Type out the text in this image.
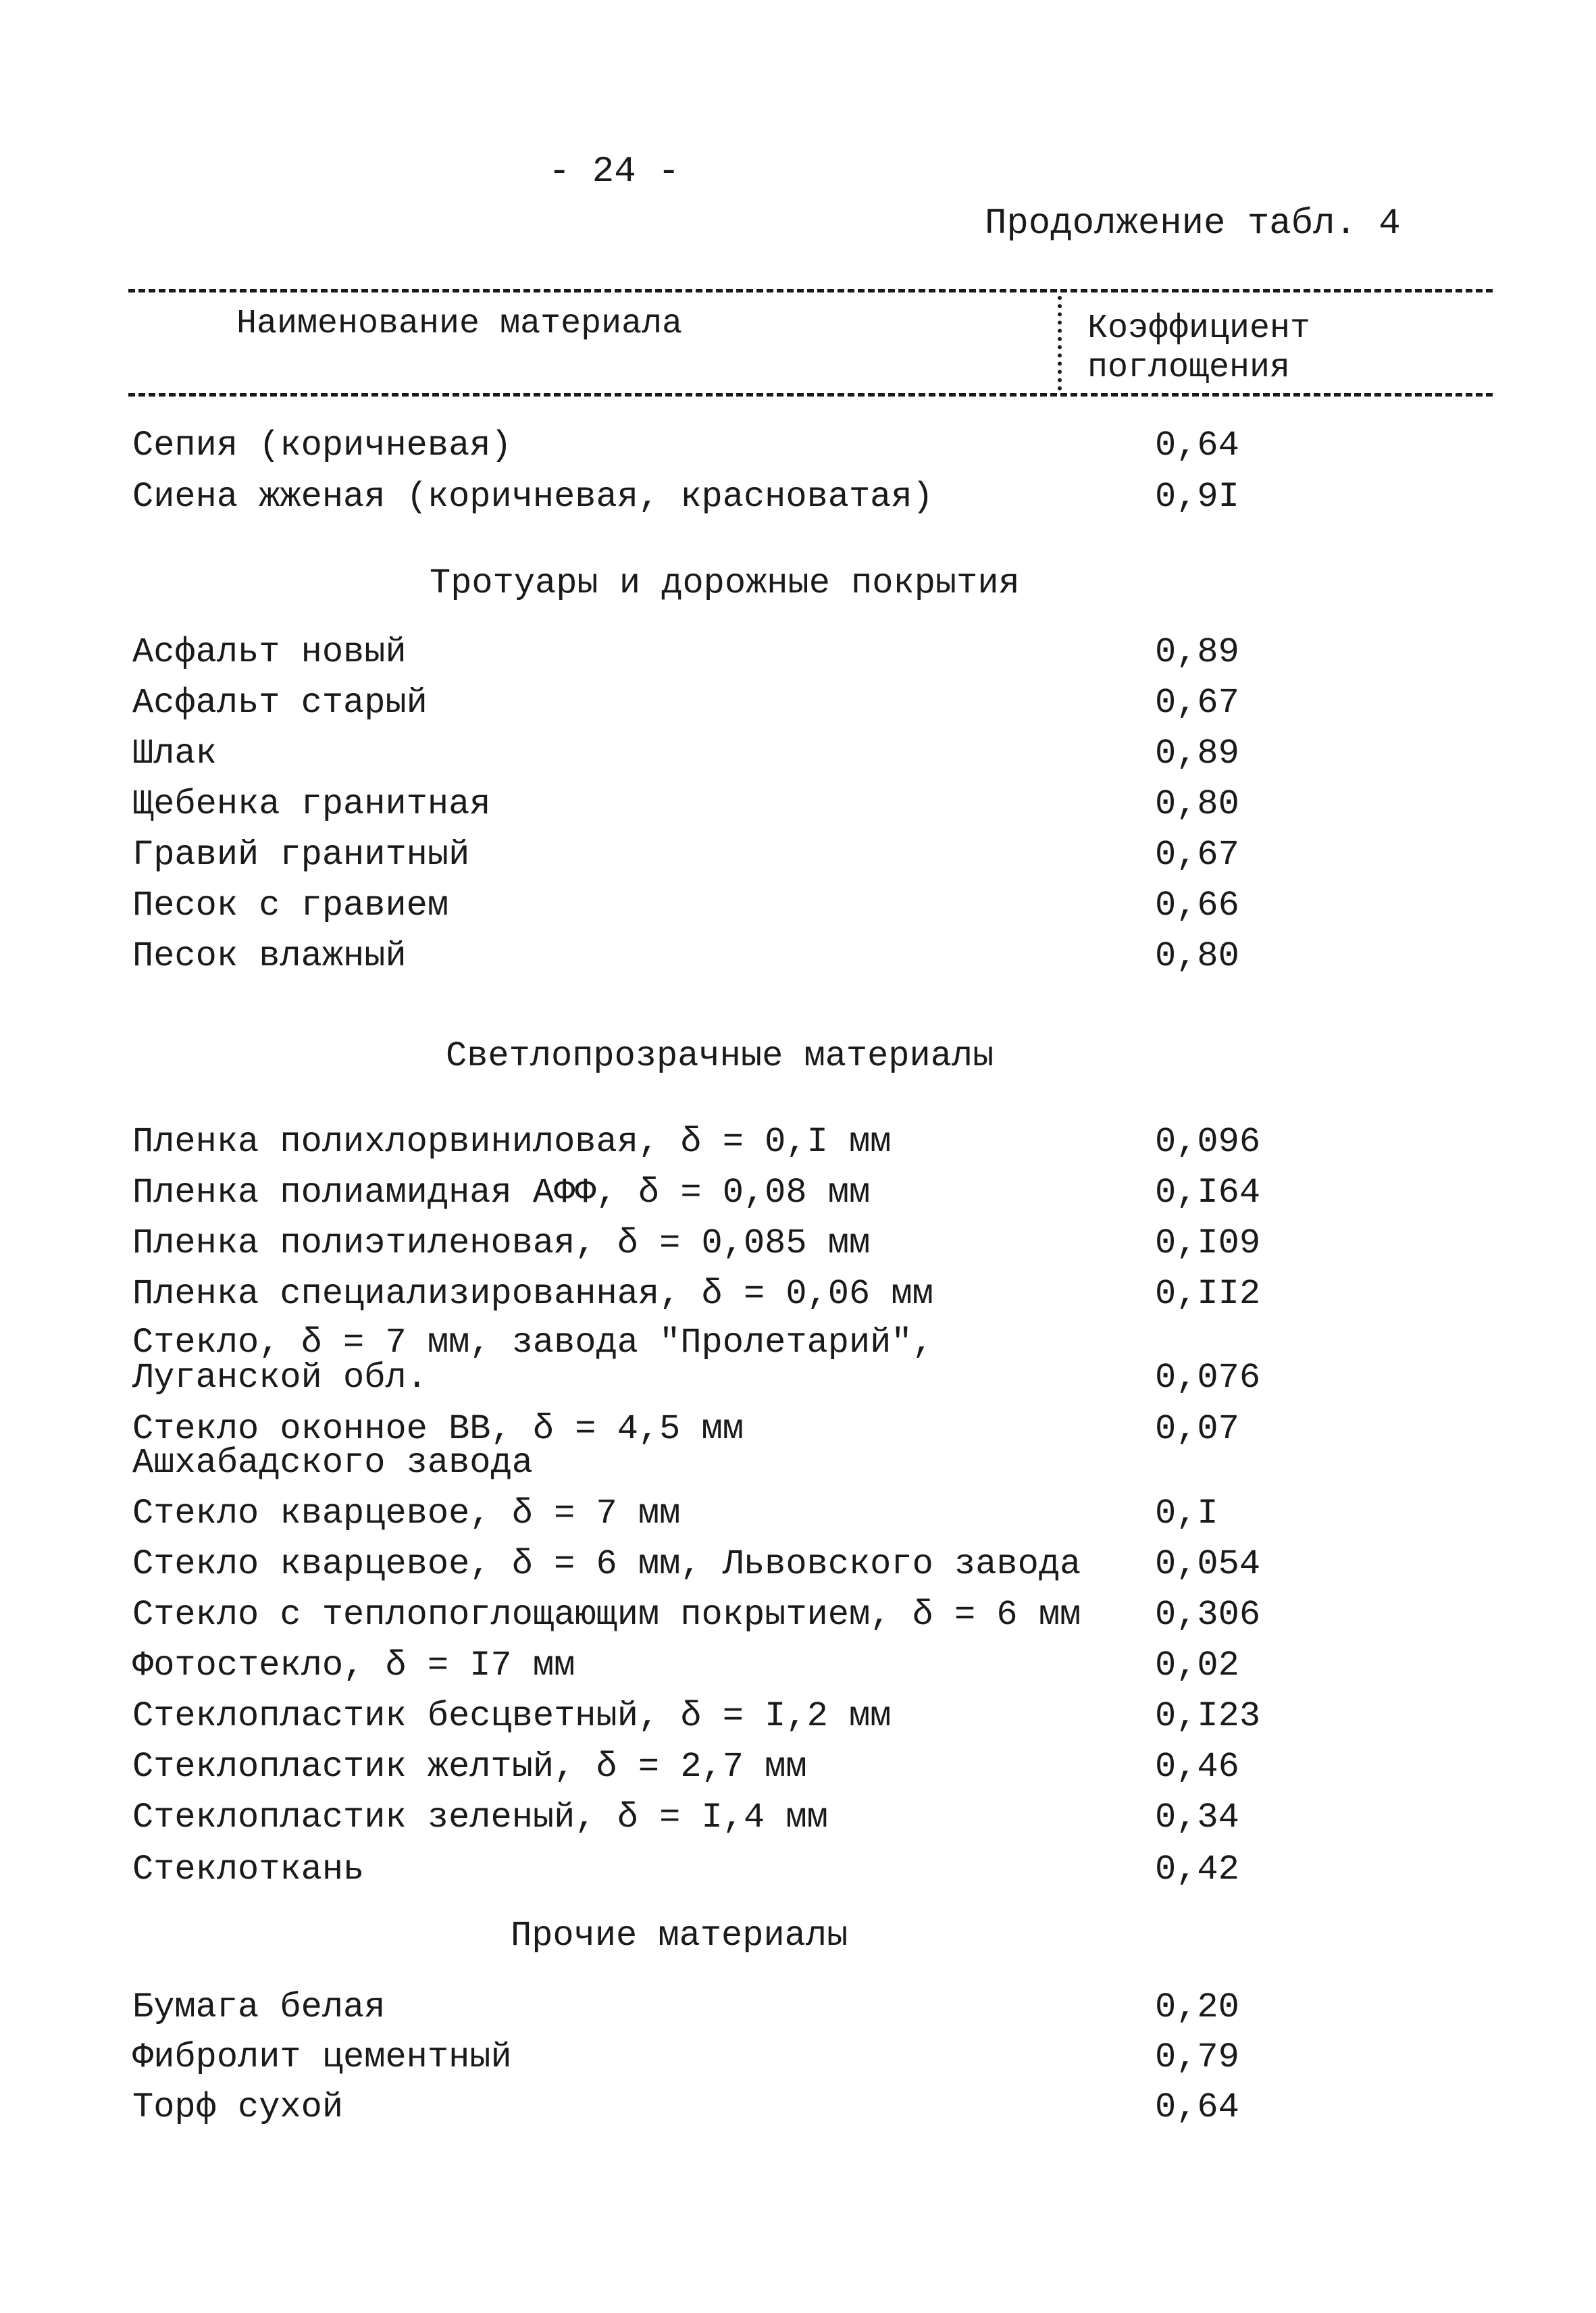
- 24 -
Продолжение табл. 4
Наименование материала	Коэффициент
поглощения
Сепия (коричневая)	0,64
Сиена жженая (коричневая, красноватая)	0,9I
Тротуары и дорожные покрытия
Асфальт новый	0,89
Асфальт старый	0,67
Шлак	0,89
Щебенка гранитная	0,80
Гравий гранитный	0,67
Песок с гравием	0,66
Песок влажный	0,80
Светлопрозрачные материалы
Пленка полихлорвиниловая, δ = 0,I мм	0,096
Пленка полиамидная АФФ, δ = 0,08 мм	0,I64
Пленка полиэтиленовая, δ = 0,085 мм	0,I09
Пленка специализированная, δ = 0,06 мм	0,II2
Стекло, δ = 7 мм, завода "Пролетарий",
Луганской обл.	0,076
Стекло оконное ВВ, δ = 4,5 мм	0,07
Ашхабадского завода
Стекло кварцевое, δ = 7 мм	0,I
Стекло кварцевое, δ = 6 мм, Львовского завода 0,054
Стекло с теплопоглощающим покрытием, δ = 6 мм 0,306
Фотостекло, δ = I7 мм	0,02
Стеклопластик бесцветный, δ = I,2 мм	0,I23
Стеклопластик желтый, δ = 2,7 мм	0,46
Стеклопластик зеленый, δ = I,4 мм	0,34
Стеклоткань	0,42
Прочие материалы
Бумага белая	0,20
Фибролит цементный	0,79
Торф сухой	0,64
